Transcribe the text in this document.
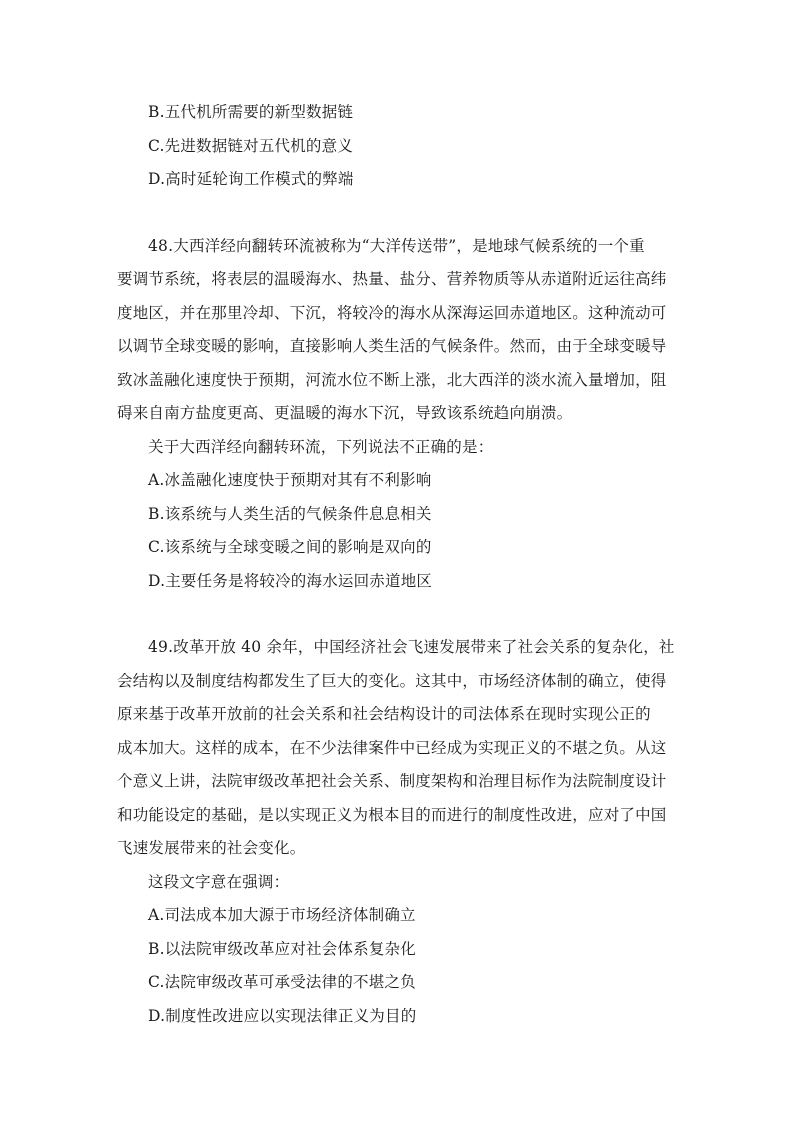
B.五代机所需要的新型数据链
C.先进数据链对五代机的意义
D.高时延轮询工作模式的弊端
48.大西洋经向翻转环流被称为“大洋传送带”，是地球气候系统的一个重
要调节系统，将表层的温暖海水、热量、盐分、营养物质等从赤道附近运往高纬
度地区，并在那里冷却、下沉，将较冷的海水从深海运回赤道地区。这种流动可
以调节全球变暖的影响，直接影响人类生活的气候条件。然而，由于全球变暖导
致冰盖融化速度快于预期，河流水位不断上涨，北大西洋的淡水流入量增加，阻
碍来自南方盐度更高、更温暖的海水下沉，导致该系统趋向崩溃。
关于大西洋经向翻转环流，下列说法不正确的是：
A.冰盖融化速度快于预期对其有不利影响
B.该系统与人类生活的气候条件息息相关
C.该系统与全球变暖之间的影响是双向的
D.主要任务是将较冷的海水运回赤道地区
49.改革开放 40 余年，中国经济社会飞速发展带来了社会关系的复杂化，社
会结构以及制度结构都发生了巨大的变化。这其中，市场经济体制的确立，使得
原来基于改革开放前的社会关系和社会结构设计的司法体系在现时实现公正的
成本加大。这样的成本，在不少法律案件中已经成为实现正义的不堪之负。从这
个意义上讲，法院审级改革把社会关系、制度架构和治理目标作为法院制度设计
和功能设定的基础，是以实现正义为根本目的而进行的制度性改进，应对了中国
飞速发展带来的社会变化。
这段文字意在强调：
A.司法成本加大源于市场经济体制确立
B.以法院审级改革应对社会体系复杂化
C.法院审级改革可承受法律的不堪之负
D.制度性改进应以实现法律正义为目的
